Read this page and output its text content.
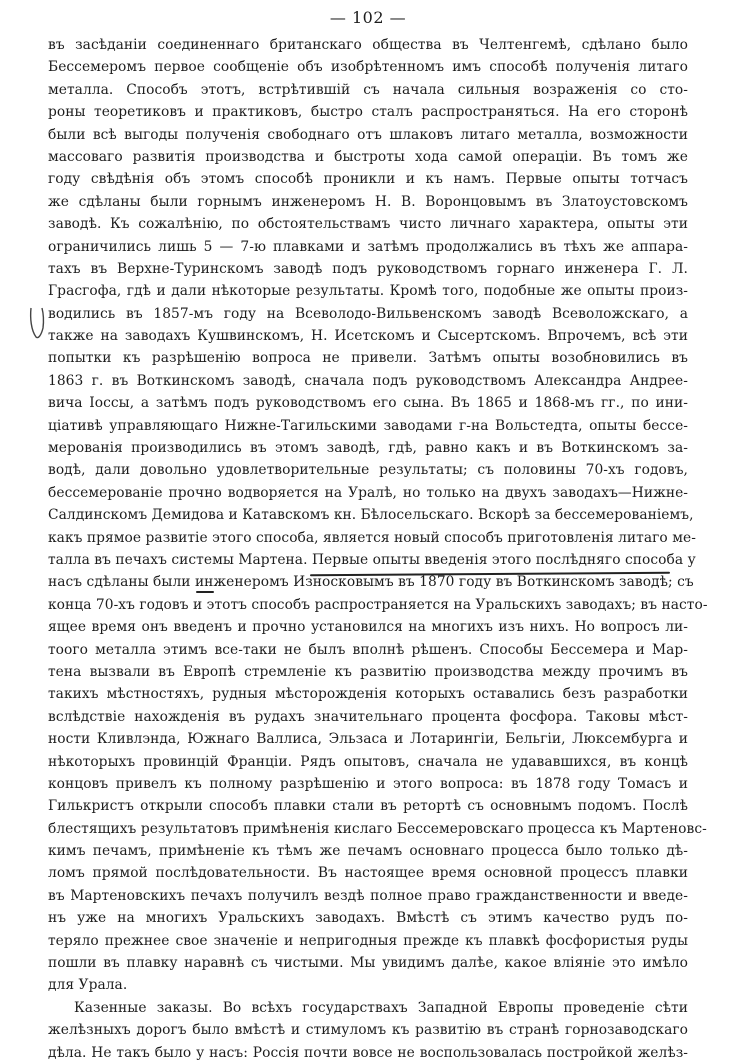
— 102 —
въ засѣданіи соединеннаго британскаго общества въ Челтенгемѣ, сдѣлано было
Бессемеромъ первое сообщеніе объ изобрѣтенномъ имъ способѣ полученія литаго
металла. Способъ этотъ, встрѣтившій съ начала сильныя возраженія со сто-
роны теоретиковъ и практиковъ, быстро сталъ распространяться. На его сторонѣ
были всѣ выгоды полученія свободнаго отъ шлаковъ литаго металла, возможности
массоваго развитія производства и быстроты хода самой операціи. Въ томъ же
году свѣдѣнія объ этомъ способѣ проникли и къ намъ. Первые опыты тотчасъ
же сдѣланы были горнымъ инженеромъ Н. В. Воронцовымъ въ Златоустовскомъ
заводѣ. Къ сожалѣнію, по обстоятельствамъ чисто личнаго характера, опыты эти
ограничились лишь 5 — 7-ю плавками и затѣмъ продолжались въ тѣхъ же аппара-
тахъ въ Верхне-Туринскомъ заводѣ подъ руководствомъ горнаго инженера Г. Л.
Грасгофа, гдѣ и дали нѣкоторые результаты. Кромѣ того, подобные же опыты произ-
водились въ 1857-мъ году на Всеволодо-Вильвенскомъ заводѣ Всеволожскаго, а
также на заводахъ Кушвинскомъ, Н. Исетскомъ и Сысертскомъ. Впрочемъ, всѣ эти
попытки къ разрѣшенію вопроса не привели. Затѣмъ опыты возобновились въ
1863 г. въ Воткинскомъ заводѣ, сначала подъ руководствомъ Александра Андрее-
вича Іоссы, а затѣмъ подъ руководствомъ его сына. Въ 1865 и 1868-мъ гг., по ини-
ціативѣ управляющаго Нижне-Тагильскими заводами г-на Вольстедта, опыты бессе-
мерованія производились въ этомъ заводѣ, гдѣ, равно какъ и въ Воткинскомъ за-
водѣ, дали довольно удовлетворительные результаты; съ половины 70-хъ годовъ,
бессемерованіе прочно водворяется на Уралѣ, но только на двухъ заводахъ—Нижне-
Салдинскомъ Демидова и Катавскомъ кн. Бѣлосельскаго. Вскорѣ за бессемерованіемъ,
какъ прямое развитіе этого способа, является новый способъ приготовленія литаго ме-
талла въ печахъ системы Мартена. Первые опыты введенія этого послѣдняго способа у
насъ сдѣланы были инженеромъ Износковымъ въ 1870 году въ Воткинскомъ заводѣ; съ
конца 70-хъ годовъ и этотъ способъ распространяется на Уральскихъ заводахъ; въ насто-
ящее время онъ введенъ и прочно установился на многихъ изъ нихъ. Но вопросъ ли-
тоого металла этимъ все-таки не былъ вполнѣ рѣшенъ. Способы Бессемера и Мар-
тена вызвали въ Европѣ стремленіе къ развитію производства между прочимъ въ
такихъ мѣстностяхъ, рудныя мѣсторожденія которыхъ оставались безъ разработки
вслѣдствіе нахожденія въ рудахъ значительнаго процента фосфора. Таковы мѣст-
ности Кливлэнда, Южнаго Валлиса, Эльзаса и Лотарингіи, Бельгіи, Люксембурга и
нѣкоторыхъ провинцій Франціи. Рядъ опытовъ, сначала не удававшихся, въ концѣ
концовъ привелъ къ полному разрѣшенію и этого вопроса: въ 1878 году Томасъ и
Гилькристъ открыли способъ плавки стали въ ретортѣ съ основнымъ подомъ. Послѣ
блестящихъ результатовъ примѣненія кислаго Бессемеровскаго процесса къ Мартеновс-
кимъ печамъ, примѣненіе къ тѣмъ же печамъ основнаго процесса было только дѣ-
ломъ прямой послѣдовательности. Въ настоящее время основной процессъ плавки
въ Мартеновскихъ печахъ получилъ вездѣ полное право гражданственности и введе-
нъ уже на многихъ Уральскихъ заводахъ. Вмѣстѣ съ этимъ качество рудъ по-
теряло прежнее свое значеніе и непригодныя прежде къ плавкѣ фосфористыя руды
пошли въ плавку наравнѣ съ чистыми. Мы увидимъ далѣе, какое вліяніе это имѣло
для Урала.
Казенные заказы. Во всѣхъ государствахъ Западной Европы проведеніе сѣти
желѣзныхъ дорогъ было вмѣстѣ и стимуломъ къ развитію въ странѣ горнозаводскаго
дѣла. Не такъ было у насъ: Россія почти вовсе не воспользовалась постройкой желѣз-
